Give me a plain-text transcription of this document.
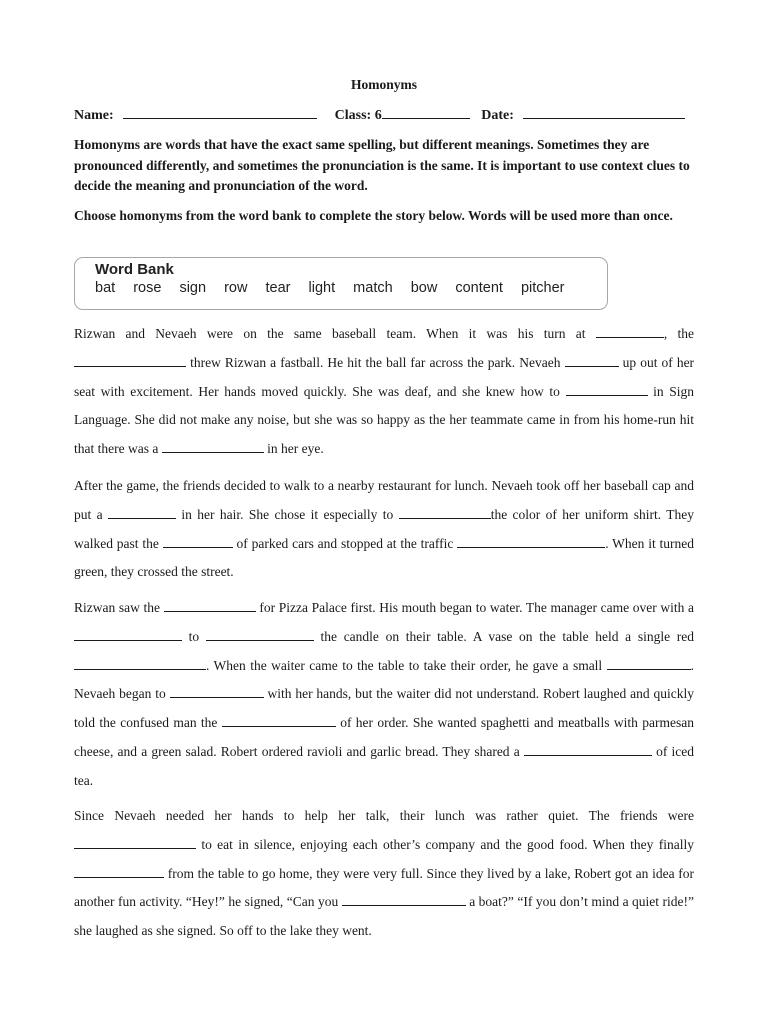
Homonyms
Name:	Class: 6	Date:

Homonyms are words that have the exact same spelling, but different meanings. Sometimes they are pronounced differently, and sometimes the pronunciation is the same. It is important to use context clues to decide the meaning and pronunciation of the word.

Choose homonyms from the word bank to complete the story below. Words will be used more than once.

Word Bank
bat rose sign row tear light match bow content pitcher

Rizwan and Nevaeh were on the same baseball team. When it was his turn at	, the  threw Rizwan a fastball. He hit the ball far across the park. Nevaeh	up out of her seat with excitement. Her hands moved quickly. She was deaf, and she knew how to	in Sign Language. She did not make any noise, but she was so happy as the her teammate came in from his home-run hit that there was a	in her eye.

After the game, the friends decided to walk to a nearby restaurant for lunch. Nevaeh took off her baseball cap and put a	in her hair. She chose it especially to	the color of her uniform shirt. They walked past the	of parked cars and stopped at the traffic	. When it turned green, they crossed the street.

Rizwan saw the	for Pizza Palace first. His mouth began to water. The manager came over with a  to	the candle on their table. A vase on the table held a single red . When the waiter came to the table to take their order, he gave a small	. Nevaeh began to	with her hands, but the waiter did not understand. Robert laughed and quickly told the confused man the	of her order. She wanted spaghetti and meatballs with parmesan cheese, and a green salad. Robert ordered ravioli and garlic bread. They shared a	of iced tea.

Since Nevaeh needed her hands to help her talk, their lunch was rather quiet. The friends were  to eat in silence, enjoying each other’s company and the good food. When they finally from the table to go home, they were very full. Since they lived by a lake, Robert got an idea for another fun activity. “Hey!” he signed, “Can you	a boat?” “If you don’t mind a quiet ride!” she laughed as she signed. So off to the lake they went.
